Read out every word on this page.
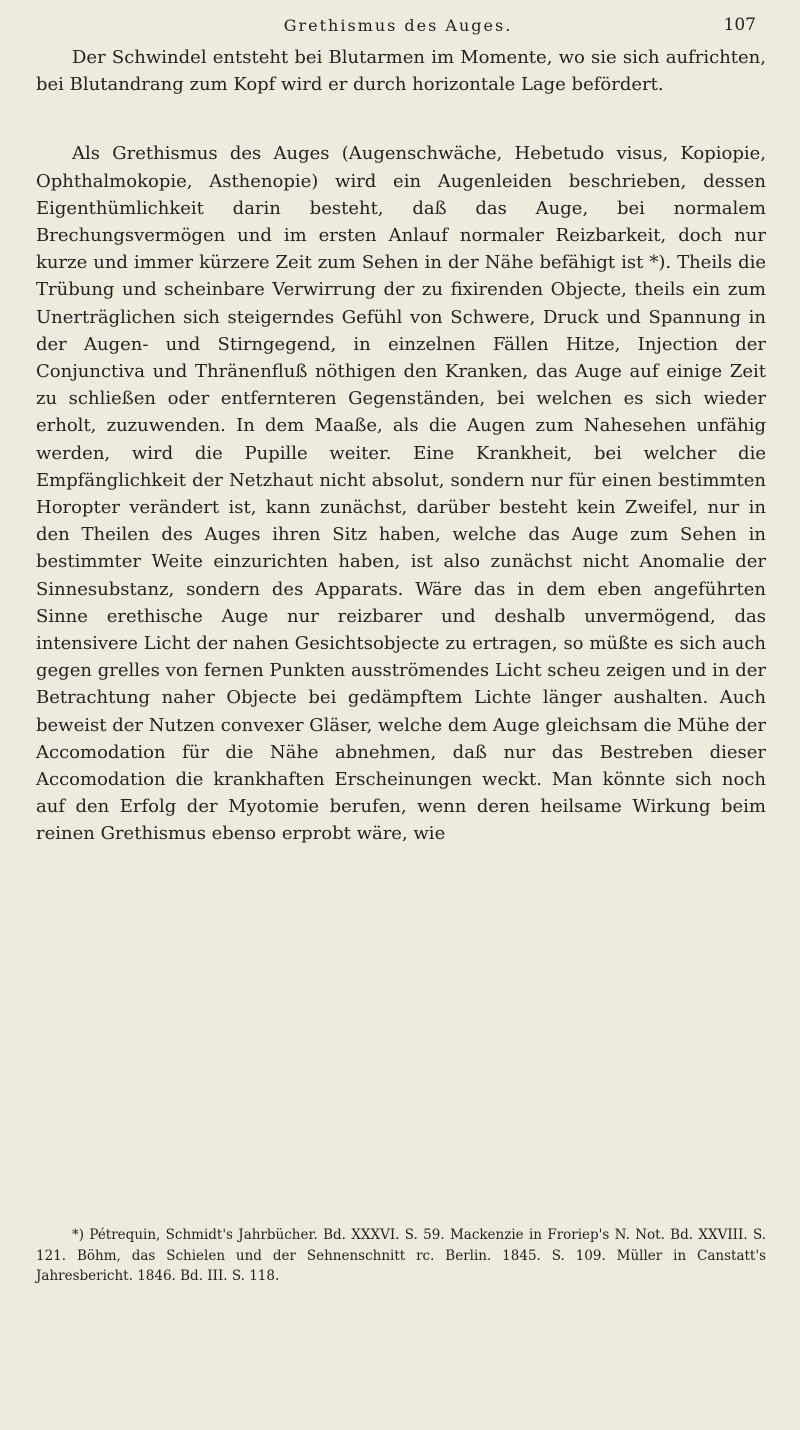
Grethismus des Auges.	107

Der Schwindel entsteht bei Blutarmen im Momente, wo sie sich aufrichten, bei Blutandrang zum Kopf wird er durch horizontale Lage befördert.

Als Grethismus des Auges (Augenschwäche, Hebetudo visus, Kopiopie, Ophthalmokopie, Asthenopie) wird ein Augenleiden beschrieben, dessen Eigenthümlichkeit darin besteht, daß das Auge, bei normalem Brechungsvermögen und im ersten Anlauf normaler Reizbarkeit, doch nur kurze und immer kürzere Zeit zum Sehen in der Nähe befähigt ist *). Theils die Trübung und scheinbare Verwirrung der zu fixirenden Objecte, theils ein zum Unerträglichen sich steigerndes Gefühl von Schwere, Druck und Spannung in der Augen- und Stirngegend, in einzelnen Fällen Hitze, Injection der Conjunctiva und Thränenfluß nöthigen den Kranken, das Auge auf einige Zeit zu schließen oder entfernteren Gegenständen, bei welchen es sich wieder erholt, zuzuwenden. In dem Maaße, als die Augen zum Nahesehen unfähig werden, wird die Pupille weiter. Eine Krankheit, bei welcher die Empfänglichkeit der Netzhaut nicht absolut, sondern nur für einen bestimmten Horopter verändert ist, kann zunächst, darüber besteht kein Zweifel, nur in den Theilen des Auges ihren Sitz haben, welche das Auge zum Sehen in bestimmter Weite einzurichten haben, ist also zunächst nicht Anomalie der Sinnesubstanz, sondern des Apparats. Wäre das in dem eben angeführten Sinne erethische Auge nur reizbarer und deshalb unvermögend, das intensivere Licht der nahen Gesichtsobjecte zu ertragen, so müßte es sich auch gegen grelles von fernen Punkten ausströmendes Licht scheu zeigen und in der Betrachtung naher Objecte bei gedämpftem Lichte länger aushalten. Auch beweist der Nutzen convexer Gläser, welche dem Auge gleichsam die Mühe der Accomodation für die Nähe abnehmen, daß nur das Bestreben dieser Accomodation die krankhaften Erscheinungen weckt. Man könnte sich noch auf den Erfolg der Myotomie berufen, wenn deren heilsame Wirkung beim reinen Grethismus ebenso erprobt wäre, wie

*) Pétrequin, Schmidt's Jahrbücher. Bd. XXXVI. S. 59. Mackenzie in Froriep's N. Not. Bd. XXVIII. S. 121. Böhm, das Schielen und der Sehnenschnitt rc. Berlin. 1845. S. 109. Müller in Canstatt's Jahresbericht. 1846. Bd. III. S. 118.
